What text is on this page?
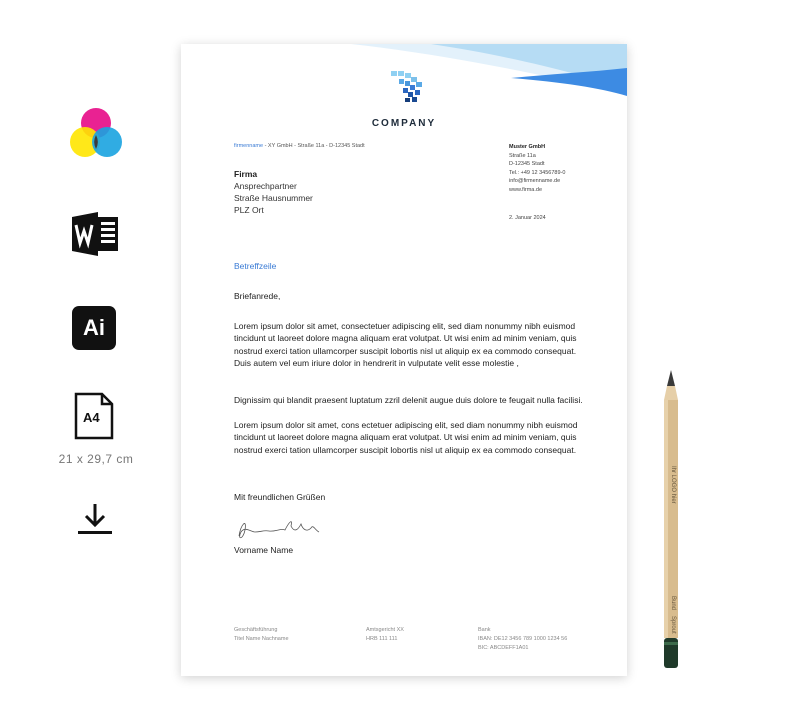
Ai
A4
21 x 29,7 cm
COMPANY
firmenname - XY GmbH - Straße 11a - D-12345 Stadt	Muster GmbH
Straße 11a
D-12345 Stadt
Tel.: +49 12 3456789-0
info@firmenname.de
www.firma.de
2. Januar 2024
Firma
Ansprechpartner
Straße Hausnummer
PLZ Ort
Betreffzeile
Briefanrede,
Lorem ipsum dolor sit amet, consectetuer adipiscing elit, sed diam nonummy nibh euismod tincidunt ut laoreet dolore magna aliquam erat volutpat. Ut wisi enim ad minim veniam, quis nostrud exerci tation ullamcorper suscipit lobortis nisl ut aliquip ex ea commodo consequat. Duis autem vel eum iriure dolor in hendrerit in vulputate velit esse molestie ,
Dignissim qui blandit praesent luptatum zzril delenit augue duis dolore te feugait nulla facilisi.
Lorem ipsum dolor sit amet, cons ectetuer adipiscing elit, sed diam nonummy nibh euismod tincidunt ut laoreet dolore magna aliquam erat volutpat. Ut wisi enim ad minim veniam, quis nostrud exerci tation ullamcorper suscipit lobortis nisl ut aliquip ex ea commodo consequat.
Mit freundlichen Grüßen
Vorname Name
Geschäftsführung
Titel Name Nachname
Amtsgericht XX
HRB 111 111
Bank
IBAN: DE12 3456 789 1000 1234 56
BIC: ABCDEFF1A01
Ihr LOGO hier
Bund
Sprout
